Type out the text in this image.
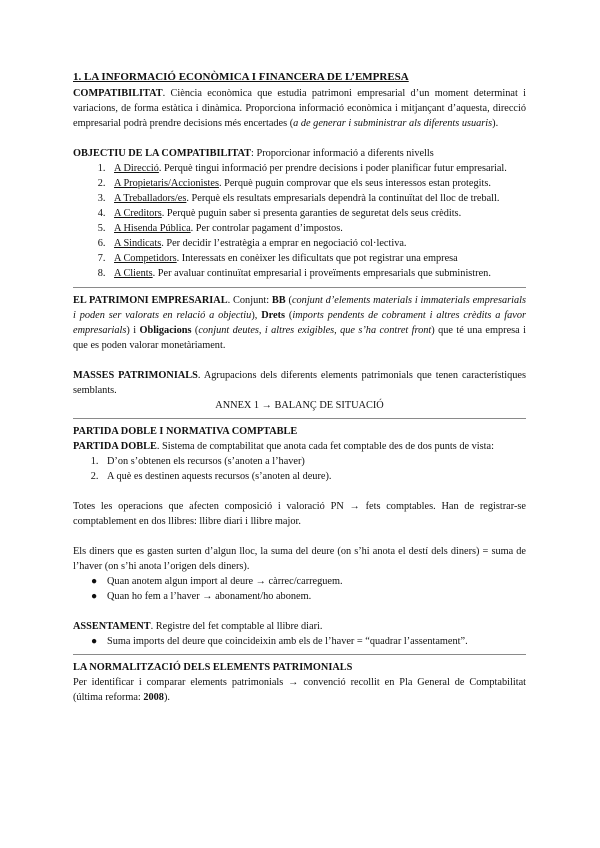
1. LA INFORMACIÓ ECONÒMICA I FINANCERA DE L’EMPRESA

COMPATIBILITAT. Ciència econòmica que estudia patrimoni empresarial d’un moment determinat i variacions, de forma estàtica i dinàmica. Proporciona informació econòmica i mitjançant d’aquesta, direcció empresarial podrà prendre decisions més encertades (a de generar i subministrar als diferents usuaris).

OBJECTIU DE LA COMPATIBILITAT: Proporcionar informació a diferents nivells

1. A Direcció. Perquè tingui informació per prendre decisions i poder planificar futur empresarial.
2. A Propietaris/Accionistes. Perquè puguin comprovar que els seus interessos estan protegits.
3. A Treballadors/es. Perquè els resultats empresarials dependrà la continuïtat del lloc de treball.
4. A Creditors. Perquè puguin saber si presenta garanties de seguretat dels seus crèdits.
5. A Hisenda Pública. Per controlar pagament d’impostos.
6. A Sindicats. Per decidir l’estratègia a emprar en negociació col·lectiva.
7. A Competidors. Interessats en conèixer les dificultats que pot registrar una empresa
8. A Clients. Per avaluar continuïtat empresarial i proveïments empresarials que subministren.

EL PATRIMONI EMPRESARIAL. Conjunt: BB (conjunt d’elements materials i immaterials empresarials i poden ser valorats en relació a objectiu), Drets (imports pendents de cobrament i altres crèdits a favor empresarials) i Obligacions (conjunt deutes, i altres exigibles, que s’ha contret front) que té una empresa i que es poden valorar monetàriament.

MASSES PATRIMONIALS. Agrupacions dels diferents elements patrimonials que tenen característiques semblants.

ANNEX 1 → BALANÇ DE SITUACIÓ
PARTIDA DOBLE I NORMATIVA COMPTABLE

PARTIDA DOBLE. Sistema de comptabilitat que anota cada fet comptable des de dos punts de vista:

1. D’on s’obtenen els recursos (s’anoten a l’haver)
2. A què es destinen aquests recursos (s’anoten al deure).

Totes les operacions que afecten composició i valoració PN → fets comptables. Han de registrar-se comptablement en dos llibres: llibre diari i llibre major.

Els diners que es gasten surten d’algun lloc, la suma del deure (on s’hi anota el destí dels diners) = suma de l’haver (on s’hi anota l’origen dels diners).

● Quan anotem algun import al deure → càrrec/carreguem.
● Quan ho fem a l’haver → abonament/ho abonem.

ASSENTAMENT. Registre del fet comptable al llibre diari.

● Suma imports del deure que coincideixin amb els de l’haver = “quadrar l’assentament”.
LA NORMALITZACIÓ DELS ELEMENTS PATRIMONIALS

Per identificar i comparar elements patrimonials → convenció recollit en Pla General de Comptabilitat (última reforma: 2008).
